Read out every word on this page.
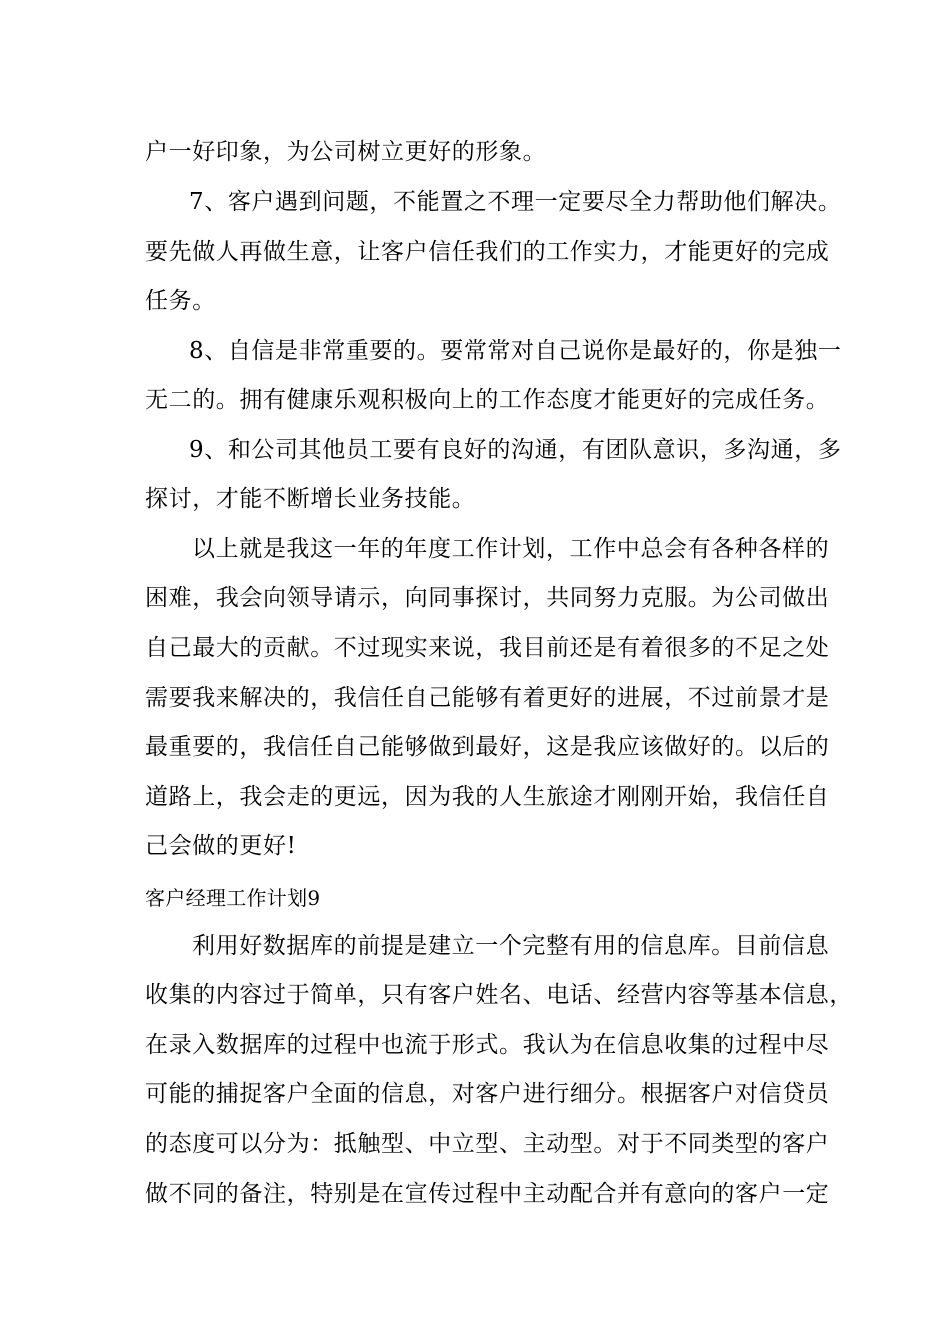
户一好印象，为公司树立更好的形象。
7、客户遇到问题，不能置之不理一定要尽全力帮助他们解决。
要先做人再做生意，让客户信任我们的工作实力，才能更好的完成
任务。
8、自信是非常重要的。要常常对自己说你是最好的，你是独一
无二的。拥有健康乐观积极向上的工作态度才能更好的完成任务。
9、和公司其他员工要有良好的沟通，有团队意识，多沟通，多
探讨，才能不断增长业务技能。
以上就是我这一年的年度工作计划，工作中总会有各种各样的
困难，我会向领导请示，向同事探讨，共同努力克服。为公司做出
自己最大的贡献。不过现实来说，我目前还是有着很多的不足之处
需要我来解决的，我信任自己能够有着更好的进展，不过前景才是
最重要的，我信任自己能够做到最好，这是我应该做好的。以后的
道路上，我会走的更远，因为我的人生旅途才刚刚开始，我信任自
己会做的更好!
客户经理工作计划9
利用好数据库的前提是建立一个完整有用的信息库。目前信息
收集的内容过于简单，只有客户姓名、电话、经营内容等基本信息，
在录入数据库的过程中也流于形式。我认为在信息收集的过程中尽
可能的捕捉客户全面的信息，对客户进行细分。根据客户对信贷员
的态度可以分为：抵触型、中立型、主动型。对于不同类型的客户
做不同的备注，特别是在宣传过程中主动配合并有意向的客户一定
